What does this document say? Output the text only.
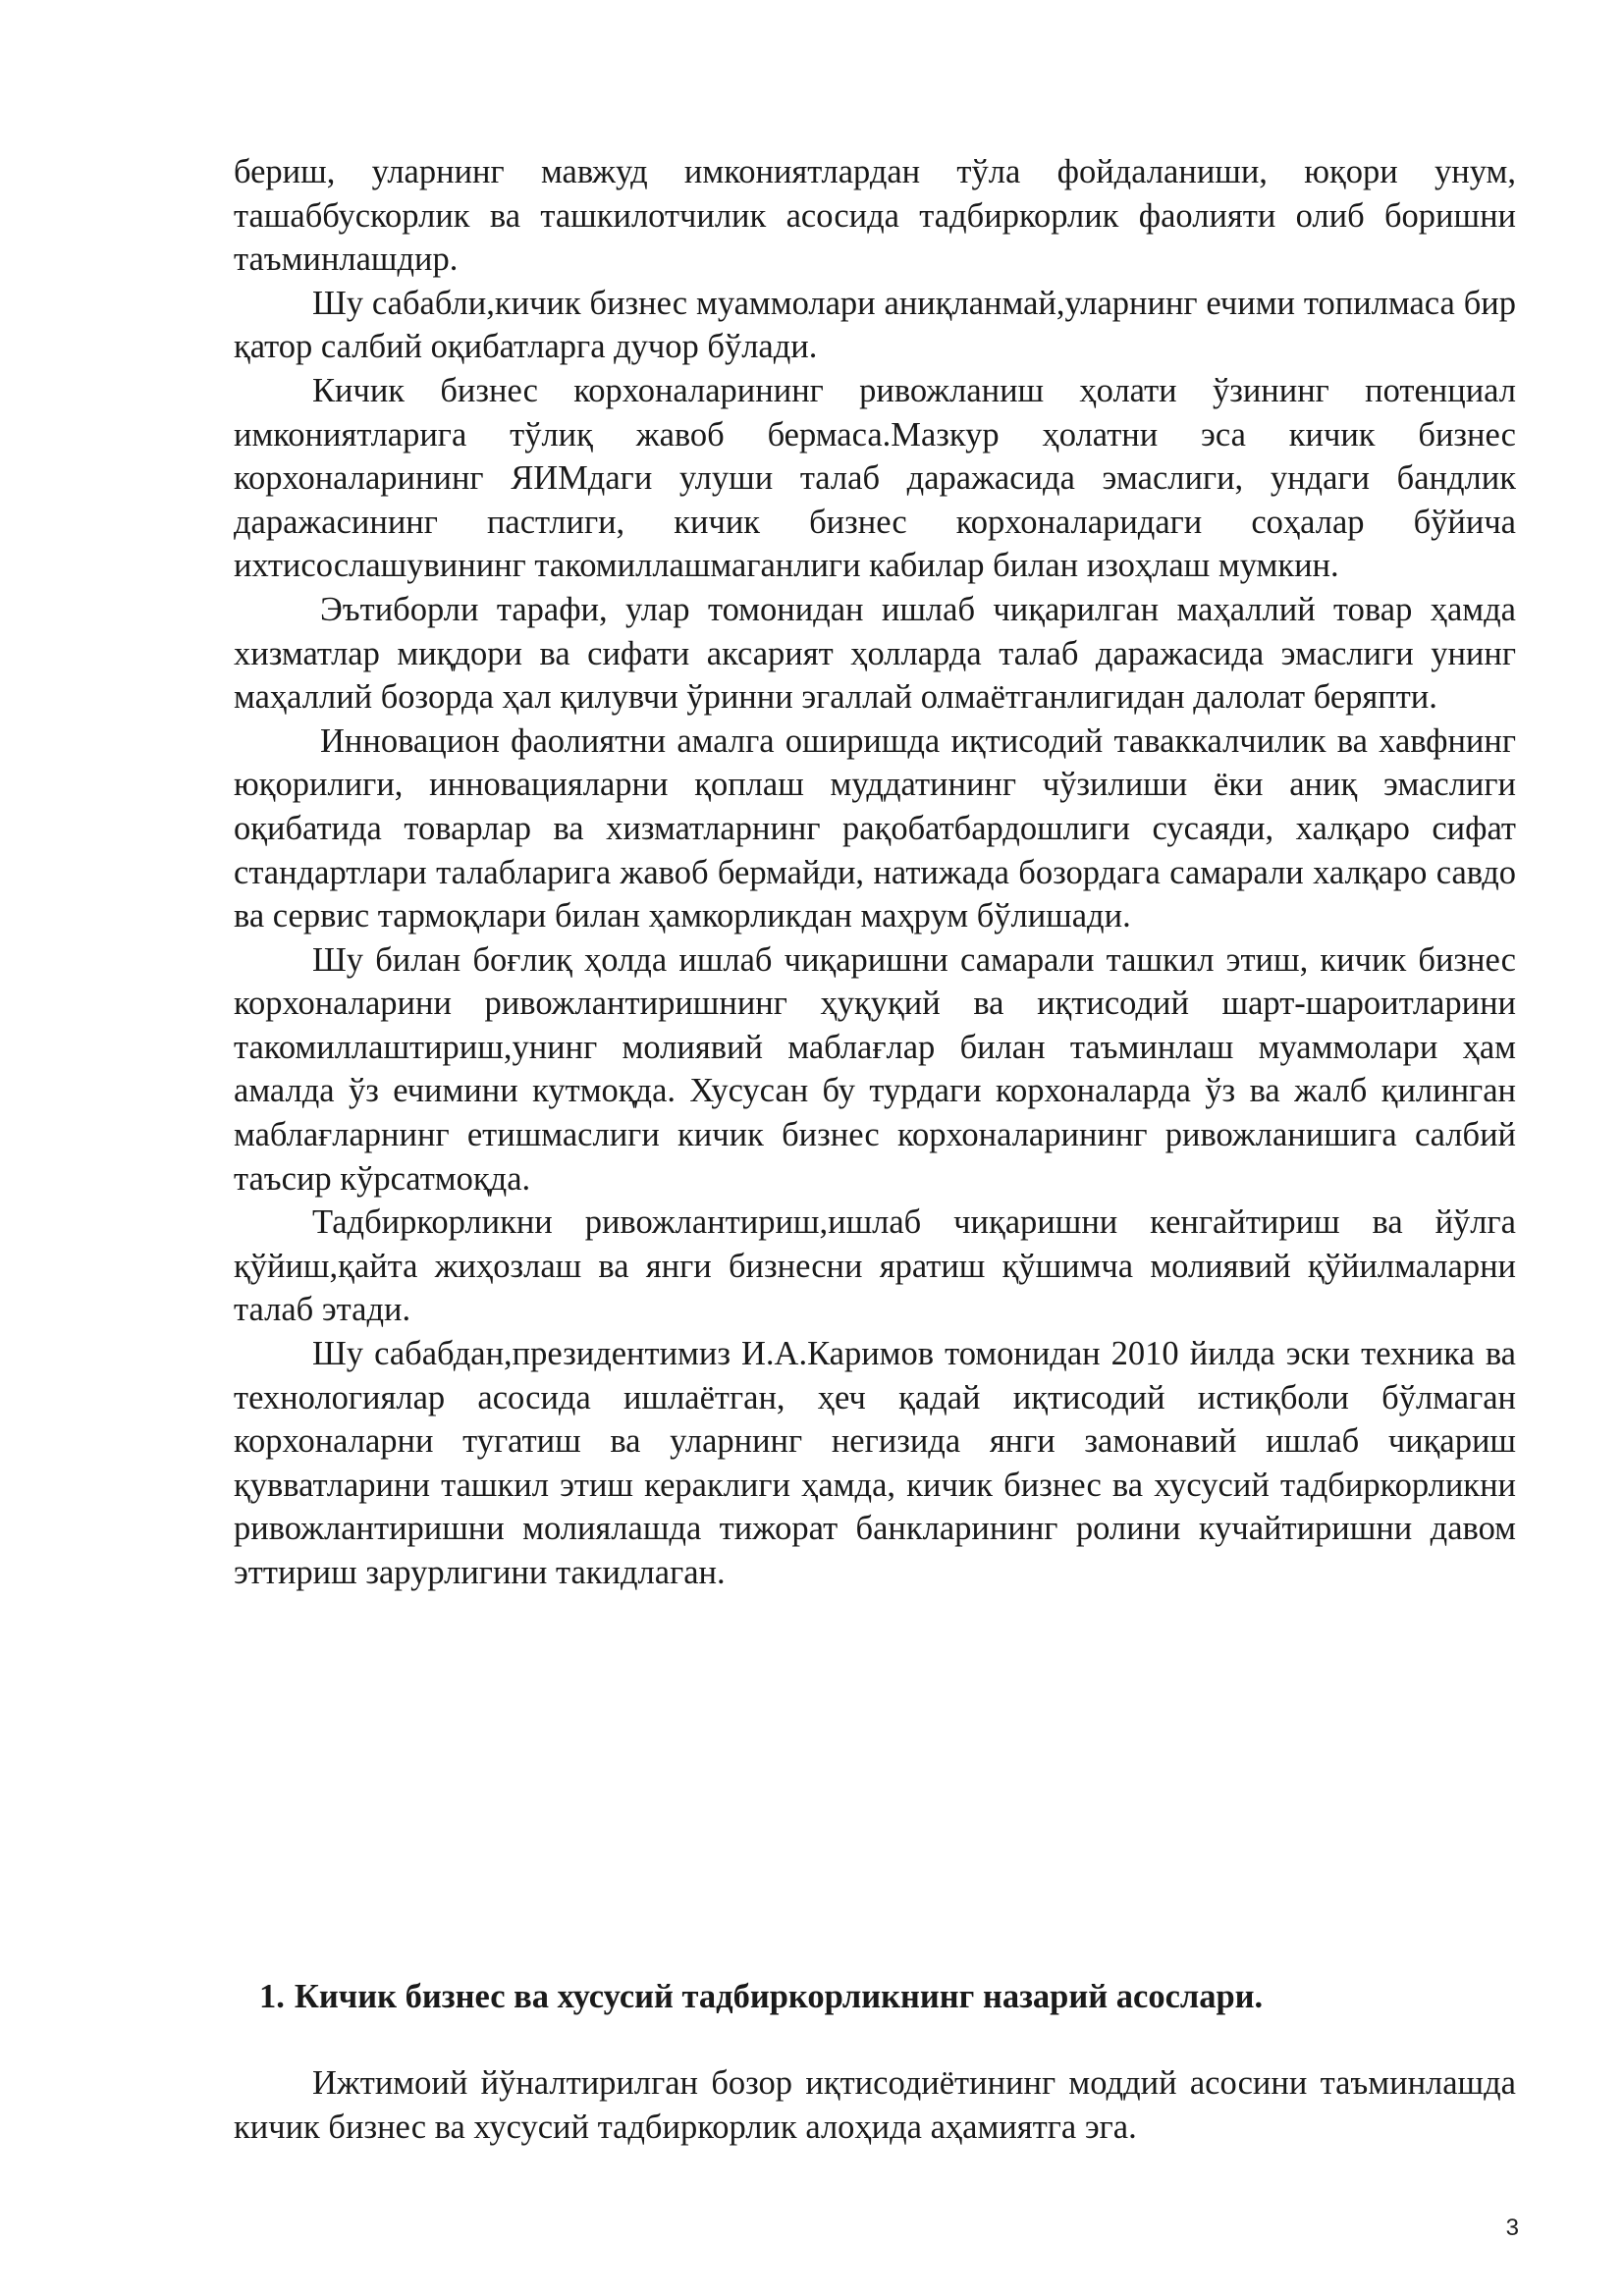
бериш, уларнинг мавжуд имкониятлардан тўла фойдаланиши, юқори унум, ташаббускорлик ва ташкилотчилик асосида тадбиркорлик фаолияти олиб боришни таъминлашдир.

Шу сабабли,кичик бизнес муаммолари аниқланмай,уларнинг ечими топилмаса бир қатор салбий оқибатларга дучор бўлади.

Кичик бизнес корхоналарининг ривожланиш ҳолати ўзининг потенциал имкониятларига тўлиқ жавоб бермаса.Мазкур ҳолатни эса кичик бизнес корхоналарининг ЯИМдаги улуши талаб даражасида эмаслиги, ундаги бандлик даражасининг пастлиги, кичик бизнес корхоналаридаги соҳалар бўйича ихтисослашувининг такомиллашмаганлиги кабилар билан изоҳлаш мумкин.

Эътиборли тарафи, улар томонидан ишлаб чиқарилган маҳаллий товар ҳамда хизматлар миқдори ва сифати аксарият ҳолларда талаб даражасида эмаслиги унинг маҳаллий бозорда ҳал қилувчи ўринни эгаллай олмаётганлигидан далолат беряпти.

Инновацион фаолиятни амалга оширишда иқтисодий таваккалчилик ва хавфнинг юқорилиги, инновацияларни қоплаш муддатининг чўзилиши ёки аниқ эмаслиги оқибатида товарлар ва хизматларнинг рақобатбардошлиги сусаяди, халқаро сифат стандартлари талабларига жавоб бермайди, натижада бозордага самарали халқаро савдо ва сервис тармоқлари билан ҳамкорликдан маҳрум бўлишади.

Шу билан боғлиқ ҳолда ишлаб чиқаришни самарали ташкил этиш, кичик бизнес корхоналарини ривожлантиришнинг ҳуқуқий ва иқтисодий шарт-шароитларини такомиллаштириш,унинг молиявий маблағлар билан таъминлаш муаммолари ҳам амалда ўз ечимини кутмоқда. Хусусан бу турдаги корхоналарда ўз ва жалб қилинган маблағларнинг етишмаслиги кичик бизнес корхоналарининг ривожланишига салбий таъсир кўрсатмоқда.

Тадбиркорликни ривожлантириш,ишлаб чиқаришни кенгайтириш ва йўлга қўйиш,қайта жиҳозлаш ва янги бизнесни яратиш қўшимча молиявий қўйилмаларни талаб этади.

Шу сабабдан,президентимиз И.А.Каримов томонидан 2010 йилда эски техника ва технологиялар асосида ишлаётган, ҳеч қадай иқтисодий истиқболи бўлмаган корхоналарни тугатиш ва уларнинг негизида янги замонавий ишлаб чиқариш қувватларини ташкил этиш кераклиги ҳамда, кичик бизнес ва хусусий тадбиркорликни ривожлантиришни молиялашда тижорат банкларининг ролини кучайтиришни давом эттириш зарурлигини такидлаган.

1. Кичик бизнес ва хусусий тадбиркорликнинг назарий асослари.

Ижтимоий йўналтирилган бозор иқтисодиётининг моддий асосини таъминлашда кичик бизнес ва хусусий тадбиркорлик алоҳида аҳамиятга эга.

3
